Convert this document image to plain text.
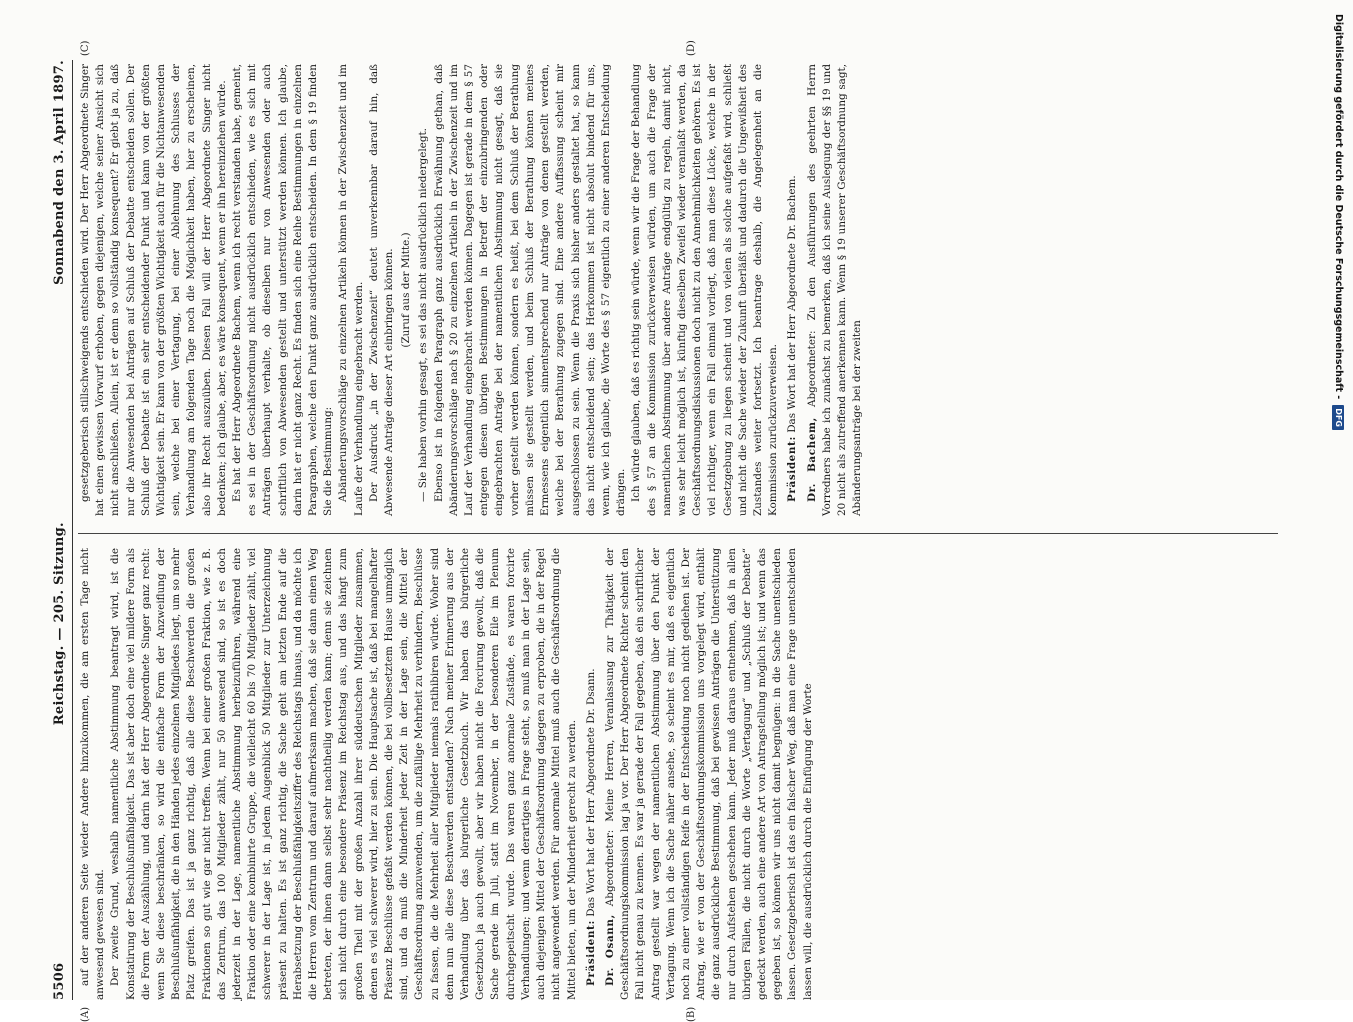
5506
Reichstag. — 205. Sitzung.
Sonnabend den 3. April 1897.

auf der anderen Seite wieder Andere hinzukommen, die am ersten Tage nicht anwesend gewesen sind. Der zweite Grund, weshalb namentliche Abstimmung beantragt wird, ist die Konstatirung der Beschlußunfähigkeit. Das ist aber doch eine viel mildere Form als die Form der Auszählung, und darin hat der Herr Abgeordnete Singer ganz recht: wenn Sie diese beschränken, so wird die einfache Form der Anzweiflung der Beschlußunfähigkeit, die in den Händen jedes einzelnen Mitgliedes liegt, um so mehr Platz greifen. Das ist ja ganz richtig, daß alle diese Beschwerden die großen Fraktionen so gut wie gar nicht treffen. Wenn bei einer großen Fraktion, wie z. B. das Zentrum, das 100 Mitglieder zählt, nur 50 anwesend sind, so ist es doch jederzeit in der Lage, namentliche Abstimmung herbeizuführen, während eine Fraktion oder eine kombinirte Gruppe, die vielleicht 60 bis 70 Mitglieder zählt, viel schwerer in der Lage ist, in jedem Augenblick 50 Mitglieder zur Unterzeichnung präsent zu halten. Es ist ganz richtig, die Sache geht am letzten Ende auf die Herabsetzung der Beschlußfähigkeitsziffer des Reichstags hinaus, und da möchte ich die Herren vom Zentrum und darauf aufmerksam machen, daß sie dann einen Weg betreten, der ihnen dann selbst sehr nachtheilig werden kann; denn sie zeichnen sich nicht durch eine besondere Präsenz im Reichstag aus, und das hängt zum großen Theil mit der großen Anzahl ihrer süddeutschen Mitglieder zusammen, denen es viel schwerer wird, hier zu sein. Die Hauptsache ist, daß bei mangelhafter Präsenz Beschlüsse gefaßt werden können, die bei vollbesetztem Hause unmöglich sind, und da muß die Minderheit jeder Zeit in der Lage sein, die Mittel der Geschäftsordnung anzuwenden, um die zufällige Mehrheit zu verhindern, Beschlüsse zu fassen, die die Mehrheit aller Mitglieder niemals ratihibiren würde. Woher sind denn nun alle diese Beschwerden entstanden? Nach meiner Erinnerung aus der Verhandlung über das bürgerliche Gesetzbuch. Wir haben das bürgerliche Gesetzbuch ja auch gewollt, aber wir haben nicht die Forcirung gewollt, daß die Sache gerade im Juli, statt im November, in der besonderen Eile im Plenum durchgepeitscht wurde. Das waren ganz anormale Zustände, es waren forcirte Verhandlungen; und wenn derartiges in Frage steht, so muß man in der Lage sein, auch diejenigen Mittel der Geschäftsordnung dagegen zu erproben, die in der Regel nicht angewendet werden. Für anormale Mittel muß auch die Geschäftsordnung die Mittel bieten, um der Minderheit gerecht zu werden. Präsident: Das Wort hat der Herr Abgeordnete Dr. Dsann.

Dr. Osann, Abgeordneter: Meine Herren, Veranlassung zur Thätigkeit der Geschäftsordnungskommission lag ja vor. Der Herr Abgeordnete Richter scheint den Fall nicht genau zu kennen. Es war ja gerade der Fall gegeben, daß ein schriftlicher Antrag gestellt war wegen der namentlichen Abstimmung über den Punkt der Vertagung. Wenn ich die Sache näher ansehe, so scheint es mir, daß es eigentlich noch zu einer vollständigen Reife in der Entscheidung noch nicht gediehen ist. Der Antrag, wie er von der Geschäftsordnungskommission uns vorgelegt wird, enthält die ganz ausdrückliche Bestimmung, daß bei gewissen Anträgen die Unterstützung nur durch Aufstehen geschehen kann. Jeder muß daraus entnehmen, daß in allen übrigen Fällen, die nicht durch die Worte „Vertagung“ und „Schluß der Debatte“ gedeckt werden, auch eine andere Art von Antragstellung möglich ist; und wenn das gegeben ist, so können wir uns nicht damit begnügen: in die Sache unentschieden lassen. Gesetzgeberisch ist das ein falscher Weg, daß man eine Frage unentschieden lassen will, die ausdrücklich durch die Einfügung der Worte

gesetzgeberisch stillschweigends entschieden wird. Der Herr Abgeordnete Singer hat einen gewissen Vorwurf erhoben, gegen diejenigen, welche seiner Ansicht sich nicht anschließen. Allein, ist er denn so vollständig konsequent? Er giebt ja zu, daß nur die Anwesenden bei Anträgen auf Schluß der Debatte entscheiden sollen. Der Schluß der Debatte ist ein sehr entscheidender Punkt und kann von der größten Wichtigkeit sein. Er kann von der größten Wichtigkeit auch für die Nichtanwesenden sein, welche bei einer Vertagung, bei einer Ablehnung des Schlusses der Verhandlung am folgenden Tage noch die Möglichkeit haben, hier zu erscheinen, also ihr Recht auszuüben. Diesen Fall will der Herr Abgeordnete Singer nicht bedenken; ich glaube, aber, es wäre konsequent, wenn er ihn hereinziehen würde. Es hat der Herr Abgeordnete Bachem, wenn ich recht verstanden habe, gemeint, es sei in der Geschäftsordnung nicht ausdrücklich entschieden, wie es sich mit Anträgen überhaupt verhalte, ob dieselben nur von Anwesenden oder auch schriftlich von Abwesenden gestellt und unterstützt werden können. Ich glaube, darin hat er nicht ganz Recht. Es finden sich eine Reihe Bestimmungen in einzelnen Paragraphen, welche den Punkt ganz ausdrücklich entscheiden. In dem § 19 finden Sie die Bestimmung: Abänderungsvorschläge zu einzelnen Artikeln können in der Zwischenzeit und im Laufe der Verhandlung eingebracht werden. Der Ausdruck „in der Zwischenzeit“ deutet unverkennbar darauf hin, daß Abwesende Anträge dieser Art einbringen können. (Zuruf aus der Mitte.) — Sie haben vorhin gesagt, es sei das nicht ausdrücklich niedergelegt. Ebenso ist in folgenden Paragraph ganz ausdrücklich Erwähnung gethan, daß Abänderungsvorschläge nach § 20 zu einzelnen Artikeln in der Zwischenzeit und im Lauf der Verhandlung eingebracht werden können. Dagegen ist gerade in dem § 57 entgegen diesen übrigen Bestimmungen in Betreff der einzubringenden oder eingebrachten Anträge bei der namentlichen Abstimmung nicht gesagt, daß sie vorher gestellt werden können, sondern es heißt, bei dem Schluß der Berathung müssen sie gestellt werden, und beim Schluß der Berathung können meines Ermessens eigentlich sinnentsprechend nur Anträge von denen gestellt werden, welche bei der Berathung zugegen sind. Eine andere Auffassung scheint mir ausgeschlossen zu sein. Wenn die Praxis sich bisher anders gestaltet hat, so kann das nicht entscheidend sein; das Herkommen ist nicht absolut bindend für uns, wenn, wie ich glaube, die Worte des § 57 eigentlich zu einer anderen Entscheidung drängen. Ich würde glauben, daß es richtig sein würde, wenn wir die Frage der Behandlung des § 57 an die Kommission zurückverweisen würden, um auch die Frage der namentlichen Abstimmung über andere Anträge endgültig zu regeln, damit nicht, was sehr leicht möglich ist, künftig dieselben Zweifel wieder veranlaßt werden, da Geschäftsordnungsdiskussionen doch nicht zu den Annehmlichkeiten gehören. Es ist viel richtiger, wenn ein Fall einmal vorliegt, daß man diese Lücke, welche in der Gesetzgebung zu liegen scheint und von vielen als solche aufgefaßt wird, schließt und nicht die Sache wieder der Zukunft überläßt und dadurch die Ungewißheit des Zustandes weiter fortsetzt. Ich beantrage deshalb, die Angelegenheit an die Kommission zurückzuverweisen. Präsident: Das Wort hat der Herr Abgeordnete Dr. Bachem.

Dr. Bachem, Abgeordneter: Zu den Ausführungen des geehrten Herrn Vorredners habe ich zunächst zu bemerken, daß ich seine Auslegung der §§ 19 und 20 nicht als zutreffend anerkennen kann. Wenn § 19 unserer Geschäftsordnung sagt, Abänderungsanträge bei der zweiten

(A)	(B)
(C)	(D)	Digitalisierung gefördert durch die Deutsche Forschungsgemeinschaft -
DFG
